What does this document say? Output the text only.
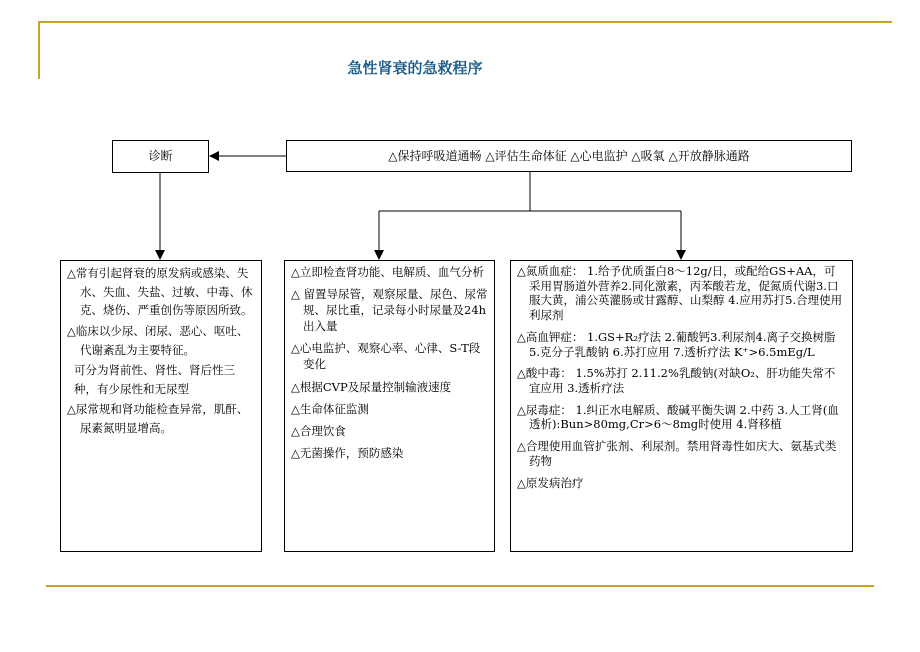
急性肾衰的急救程序
诊断	△保持呼吸道通畅 △评估生命体征 △心电监护 △吸氧 △开放静脉通路

△常有引起肾衰的原发病或感染、失水、失血、失盐、过敏、中毒、休克、烧伤、严重创伤等原因所致。

△临床以少尿、闭尿、恶心、呕吐、代谢紊乱为主要特征。

可分为肾前性、肾性、肾后性三种，有少尿性和无尿型

△尿常规和肾功能检查异常，肌酐、尿素氮明显增高。

△立即检查肾功能、电解质、血气分析

△ 留置导尿管，观察尿量、尿色、尿常规、尿比重，记录每小时尿量及24h出入量

△心电监护、观察心率、心律、S-T段变化

△根据CVP及尿量控制输液速度

△生命体征监测

△合理饮食

△无菌操作，预防感染

△氮质血症： 1.给予优质蛋白8～12g/日，或配给GS+AA，可采用胃肠道外营养2.同化激素，丙苯酸若龙，促氮质代谢3.口服大黄，浦公英灌肠或甘露醇、山梨醇 4.应用苏打5.合理使用利尿剂

△高血钾症： 1.GS+R₂疗法 2.葡酸钙3.利尿剂4.离子交换树脂 5.克分子乳酸钠 6.苏打应用 7.透析疗法 K⁺>6.5mEg/L

△酸中毒： 1.5%苏打 2.11.2%乳酸钠(对缺O₂、肝功能失常不宜应用 3.透析疗法

△尿毒症： 1.纠正水电解质、酸碱平衡失调 2.中药 3.人工肾(血透析):Bun>80mg,Cr>6～8mg时使用 4.肾移植

△合理使用血管扩张剂、利尿剂。禁用肾毒性如庆大、氨基式类药物

△原发病治疗
